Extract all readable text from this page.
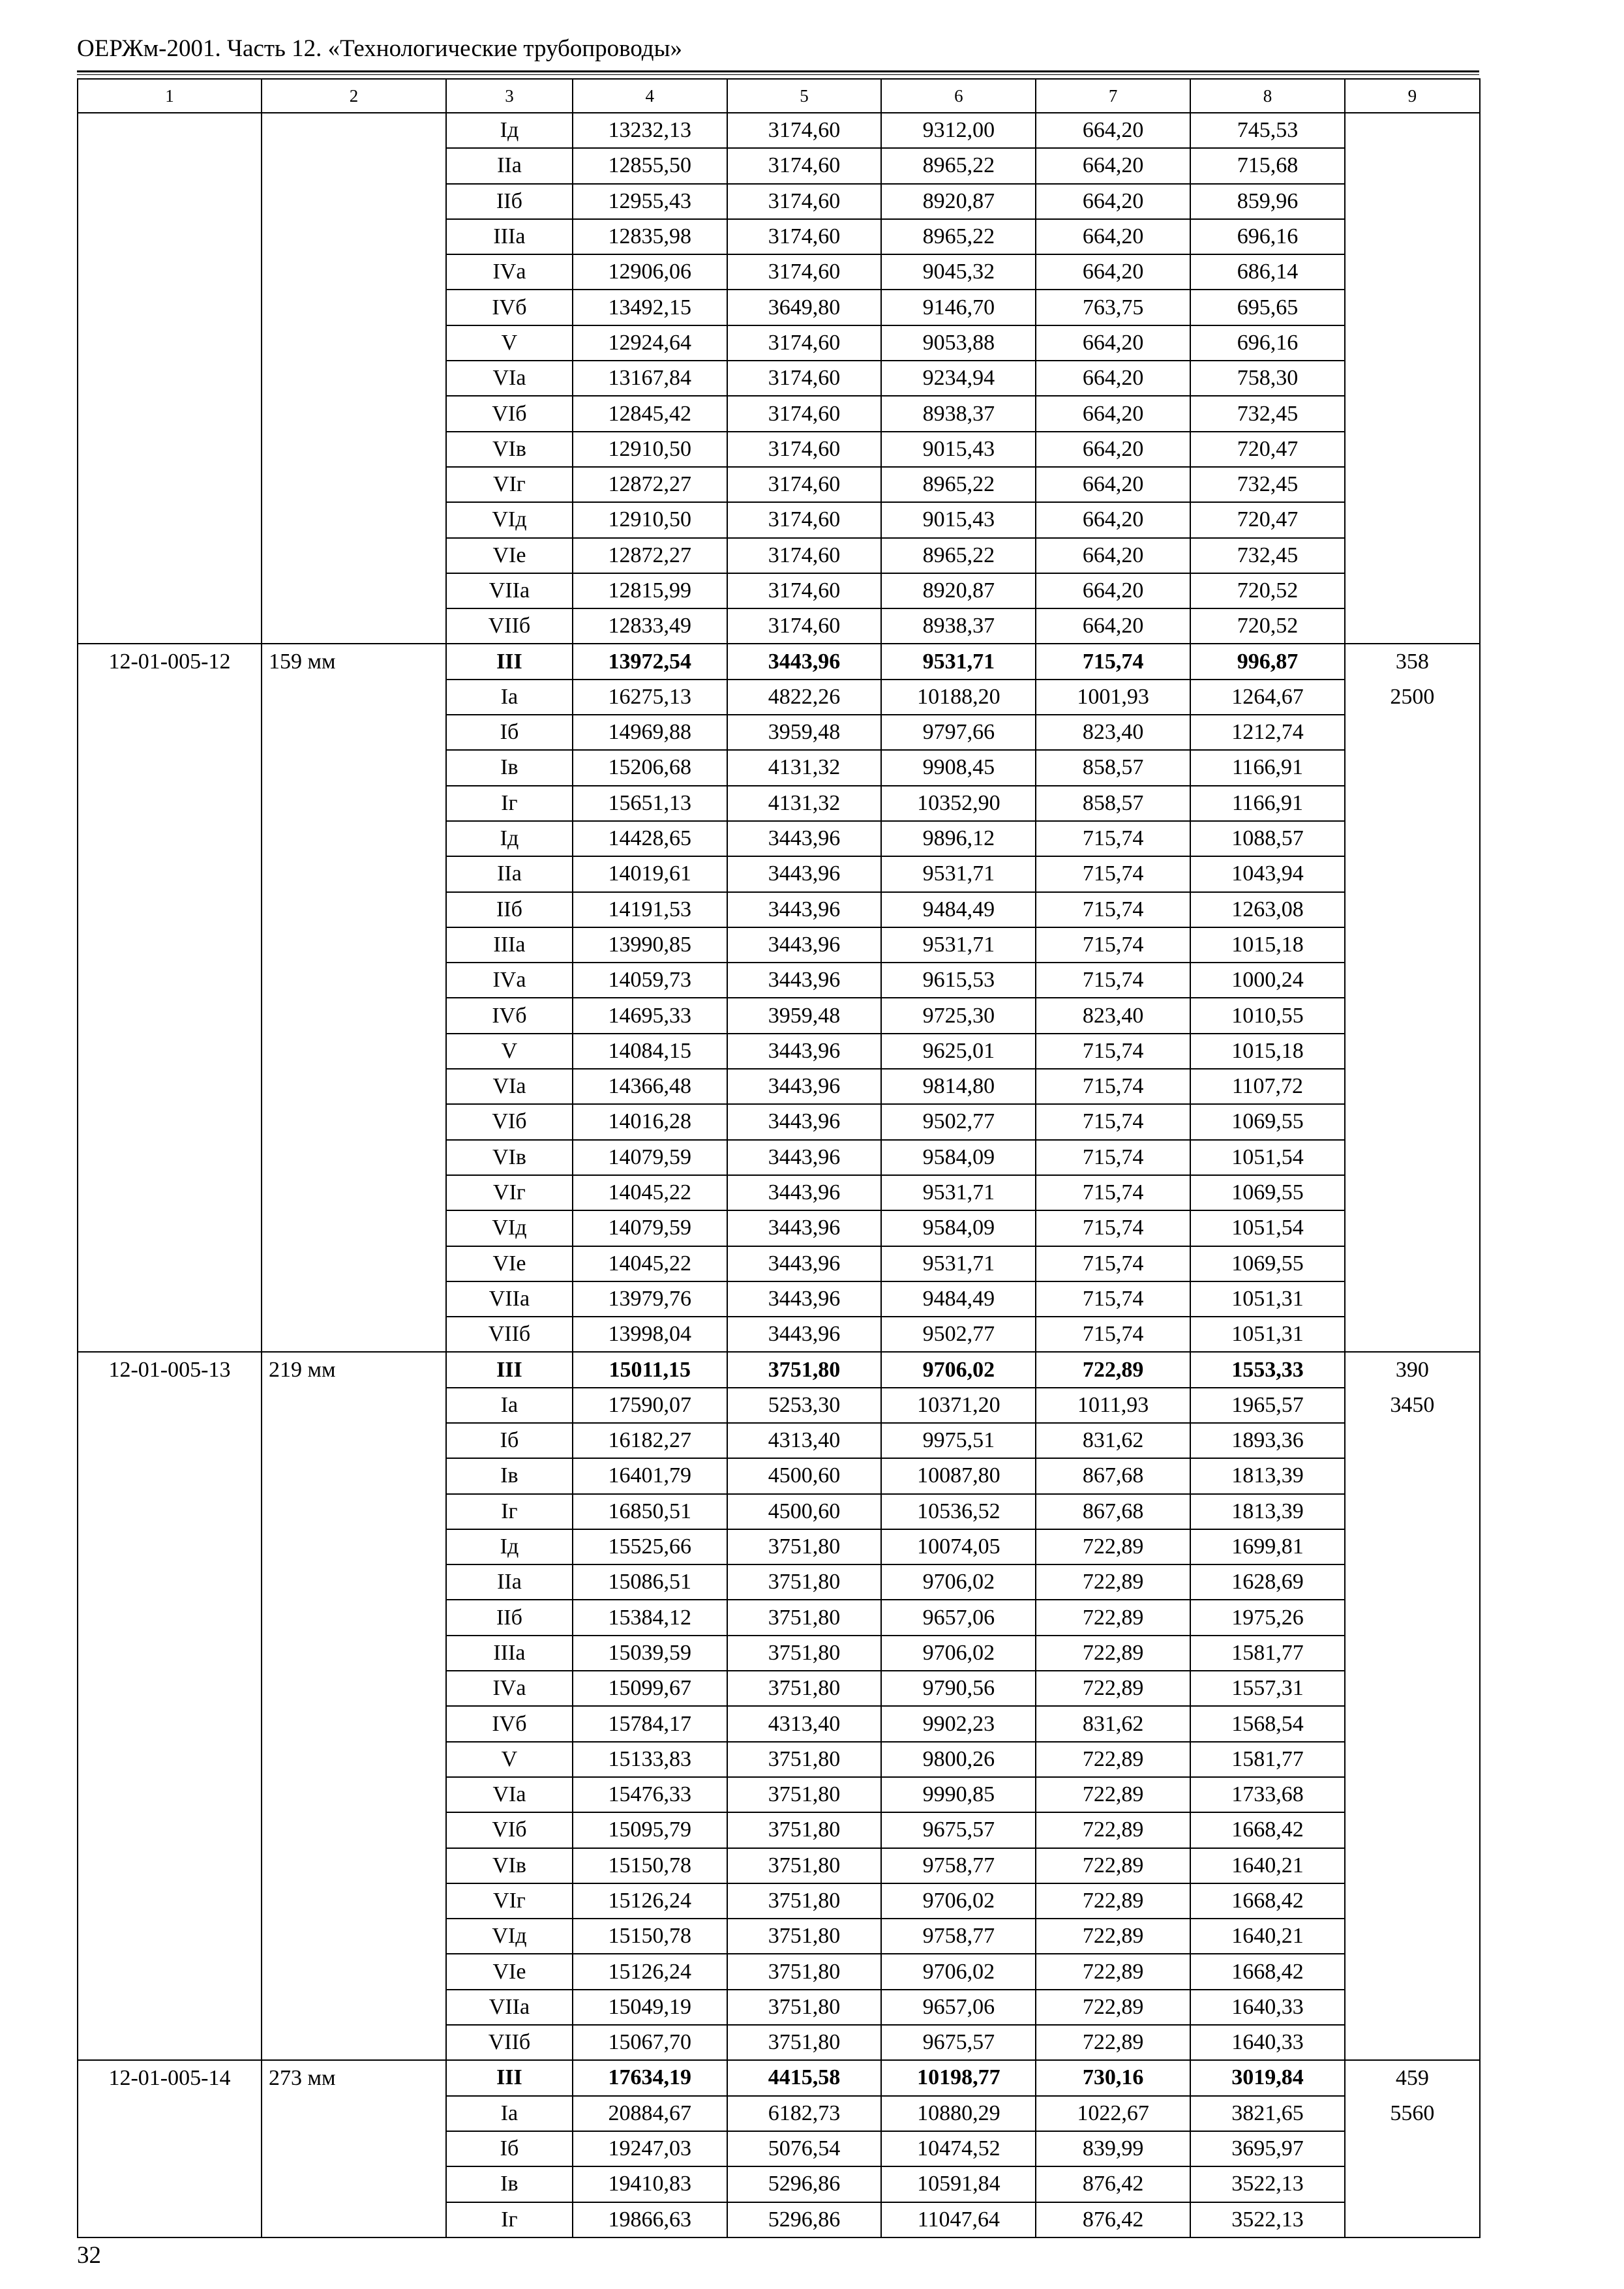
ОЕРЖм-2001. Часть 12. «Технологические трубопроводы»
1	2	3	4	5	6	7	8	9
		Iд	13232,13	3174,60	9312,00	664,20	745,53	
		IIа	12855,50	3174,60	8965,22	664,20	715,68	
		IIб	12955,43	3174,60	8920,87	664,20	859,96	
		IIIа	12835,98	3174,60	8965,22	664,20	696,16	
		IVа	12906,06	3174,60	9045,32	664,20	686,14	
		IVб	13492,15	3649,80	9146,70	763,75	695,65	
		V	12924,64	3174,60	9053,88	664,20	696,16	
		VIа	13167,84	3174,60	9234,94	664,20	758,30	
		VIб	12845,42	3174,60	8938,37	664,20	732,45	
		VIв	12910,50	3174,60	9015,43	664,20	720,47	
		VIг	12872,27	3174,60	8965,22	664,20	732,45	
		VIд	12910,50	3174,60	9015,43	664,20	720,47	
		VIе	12872,27	3174,60	8965,22	664,20	732,45	
		VIIа	12815,99	3174,60	8920,87	664,20	720,52	
		VIIб	12833,49	3174,60	8938,37	664,20	720,52	
12-01-005-12	159 мм	III	13972,54	3443,96	9531,71	715,74	996,87	358
		Iа	16275,13	4822,26	10188,20	1001,93	1264,67	2500
		Iб	14969,88	3959,48	9797,66	823,40	1212,74	
		Iв	15206,68	4131,32	9908,45	858,57	1166,91	
		Iг	15651,13	4131,32	10352,90	858,57	1166,91	
		Iд	14428,65	3443,96	9896,12	715,74	1088,57	
		IIа	14019,61	3443,96	9531,71	715,74	1043,94	
		IIб	14191,53	3443,96	9484,49	715,74	1263,08	
		IIIа	13990,85	3443,96	9531,71	715,74	1015,18	
		IVа	14059,73	3443,96	9615,53	715,74	1000,24	
		IVб	14695,33	3959,48	9725,30	823,40	1010,55	
		V	14084,15	3443,96	9625,01	715,74	1015,18	
		VIа	14366,48	3443,96	9814,80	715,74	1107,72	
		VIб	14016,28	3443,96	9502,77	715,74	1069,55	
		VIв	14079,59	3443,96	9584,09	715,74	1051,54	
		VIг	14045,22	3443,96	9531,71	715,74	1069,55	
		VIд	14079,59	3443,96	9584,09	715,74	1051,54	
		VIе	14045,22	3443,96	9531,71	715,74	1069,55	
		VIIа	13979,76	3443,96	9484,49	715,74	1051,31	
		VIIб	13998,04	3443,96	9502,77	715,74	1051,31	
12-01-005-13	219 мм	III	15011,15	3751,80	9706,02	722,89	1553,33	390
		Iа	17590,07	5253,30	10371,20	1011,93	1965,57	3450
		Iб	16182,27	4313,40	9975,51	831,62	1893,36	
		Iв	16401,79	4500,60	10087,80	867,68	1813,39	
		Iг	16850,51	4500,60	10536,52	867,68	1813,39	
		Iд	15525,66	3751,80	10074,05	722,89	1699,81	
		IIа	15086,51	3751,80	9706,02	722,89	1628,69	
		IIб	15384,12	3751,80	9657,06	722,89	1975,26	
		IIIа	15039,59	3751,80	9706,02	722,89	1581,77	
		IVа	15099,67	3751,80	9790,56	722,89	1557,31	
		IVб	15784,17	4313,40	9902,23	831,62	1568,54	
		V	15133,83	3751,80	9800,26	722,89	1581,77	
		VIа	15476,33	3751,80	9990,85	722,89	1733,68	
		VIб	15095,79	3751,80	9675,57	722,89	1668,42	
		VIв	15150,78	3751,80	9758,77	722,89	1640,21	
		VIг	15126,24	3751,80	9706,02	722,89	1668,42	
		VIд	15150,78	3751,80	9758,77	722,89	1640,21	
		VIе	15126,24	3751,80	9706,02	722,89	1668,42	
		VIIа	15049,19	3751,80	9657,06	722,89	1640,33	
		VIIб	15067,70	3751,80	9675,57	722,89	1640,33	
12-01-005-14	273 мм	III	17634,19	4415,58	10198,77	730,16	3019,84	459
		Iа	20884,67	6182,73	10880,29	1022,67	3821,65	5560
		Iб	19247,03	5076,54	10474,52	839,99	3695,97	
		Iв	19410,83	5296,86	10591,84	876,42	3522,13	
		Iг	19866,63	5296,86	11047,64	876,42	3522,13	
32
